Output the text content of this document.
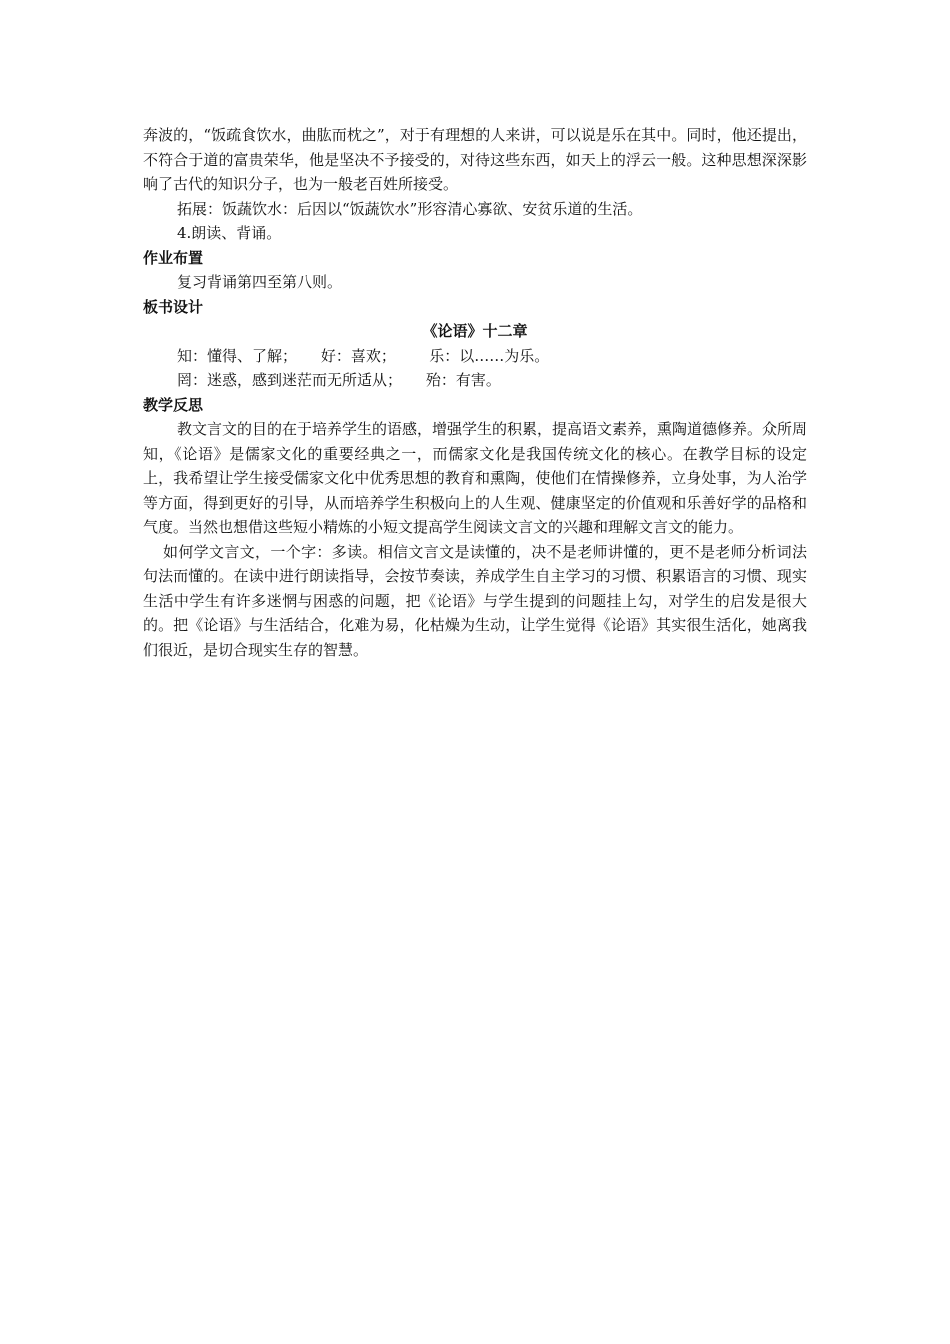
奔波的，“饭疏食饮水，曲肱而枕之”，对于有理想的人来讲，可以说是乐在其中。同时，他还提出，不符合于道的富贵荣华，他是坚决不予接受的，对待这些东西，如天上的浮云一般。这种思想深深影响了古代的知识分子，也为一般老百姓所接受。

拓展：饭蔬饮水：后因以“饭蔬饮水”形容清心寡欲、安贫乐道的生活。

4.朗读、背诵。

作业布置

复习背诵第四至第八则。

板书设计

《论语》十二章

知：懂得、了解；     好：喜欢；       乐：以……为乐。

罔：迷惑，感到迷茫而无所适从；     殆：有害。

教学反思

教文言文的目的在于培养学生的语感，增强学生的积累，提高语文素养，熏陶道德修养。众所周知，《论语》是儒家文化的重要经典之一，而儒家文化是我国传统文化的核心。在教学目标的设定上，我希望让学生接受儒家文化中优秀思想的教育和熏陶，使他们在情操修养，立身处事，为人治学等方面，得到更好的引导，从而培养学生积极向上的人生观、健康坚定的价值观和乐善好学的品格和气度。当然也想借这些短小精炼的小短文提高学生阅读文言文的兴趣和理解文言文的能力。

如何学文言文，一个字：多读。相信文言文是读懂的，决不是老师讲懂的，更不是老师分析词法句法而懂的。在读中进行朗读指导，会按节奏读，养成学生自主学习的习惯、积累语言的习惯、现实生活中学生有许多迷惘与困惑的问题，把《论语》与学生提到的问题挂上勾，对学生的启发是很大的。把《论语》与生活结合，化难为易，化枯燥为生动，让学生觉得《论语》其实很生活化，她离我们很近，是切合现实生存的智慧。
